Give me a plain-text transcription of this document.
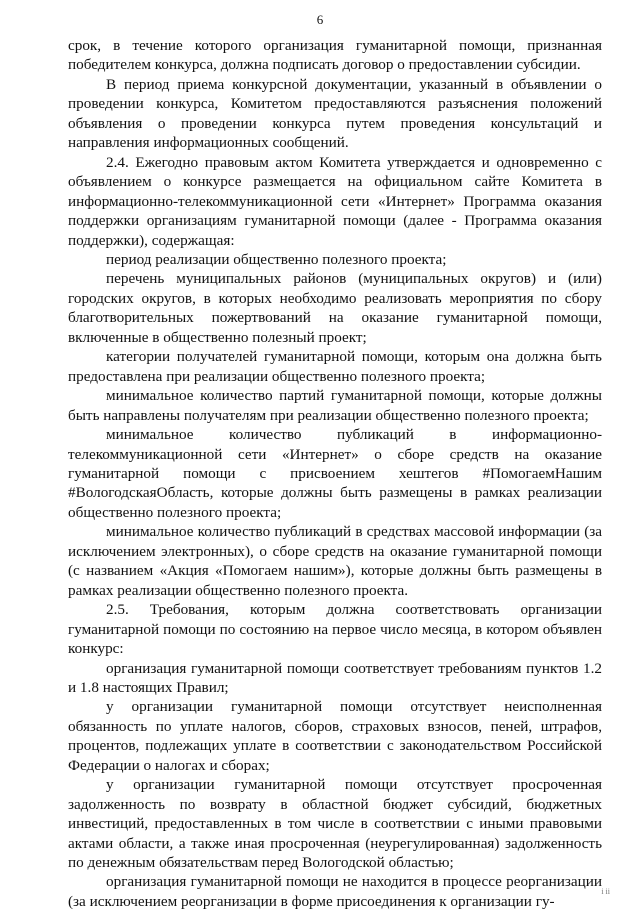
6

срок, в течение которого организация гуманитарной помощи, признанная победителем конкурса, должна подписать договор о предоставлении субсидии.

В период приема конкурсной документации, указанный в объявлении о проведении конкурса, Комитетом предоставляются разъяснения положений объявления о проведении конкурса путем проведения консультаций и направления информационных сообщений.

2.4. Ежегодно правовым актом Комитета утверждается и одновременно с объявлением о конкурсе размещается на официальном сайте Комитета в информационно-телекоммуникационной сети «Интернет» Программа оказания поддержки организациям гуманитарной помощи (далее - Программа оказания поддержки), содержащая:

период реализации общественно полезного проекта;

перечень муниципальных районов (муниципальных округов) и (или) городских округов, в которых необходимо реализовать мероприятия по сбору благотворительных пожертвований на оказание гуманитарной помощи, включенные в общественно полезный проект;

категории получателей гуманитарной помощи, которым она должна быть предоставлена при реализации общественно полезного проекта;

минимальное количество партий гуманитарной помощи, которые должны быть направлены получателям при реализации общественно полезного проекта;

минимальное количество публикаций в информационно-телекоммуникационной сети «Интернет» о сборе средств на оказание гуманитарной помощи с присвоением хештегов #ПомогаемНашим #ВологодскаяОбласть, которые должны быть размещены в рамках реализации общественно полезного проекта;

минимальное количество публикаций в средствах массовой информации (за исключением электронных), о сборе средств на оказание гуманитарной помощи (с названием «Акция «Помогаем нашим»), которые должны быть размещены в рамках реализации общественно полезного проекта.

2.5. Требования, которым должна соответствовать организации гуманитарной помощи по состоянию на первое число месяца, в котором объявлен конкурс:

организация гуманитарной помощи соответствует требованиям пунктов 1.2 и 1.8 настоящих Правил;

у организации гуманитарной помощи отсутствует неисполненная обязанность по уплате налогов, сборов, страховых взносов, пеней, штрафов, процентов, подлежащих уплате в соответствии с законодательством Российской Федерации о налогах и сборах;

у организации гуманитарной помощи отсутствует просроченная задолженность по возврату в областной бюджет субсидий, бюджетных инвестиций, предоставленных в том числе в соответствии с иными правовыми актами области, а также иная просроченная (неурегулированная) задолженность по денежным обязательствам перед Вологодской областью;

организация гуманитарной помощи не находится в процессе реорганизации (за исключением реорганизации в форме присоединения к организации гу-

і іі
